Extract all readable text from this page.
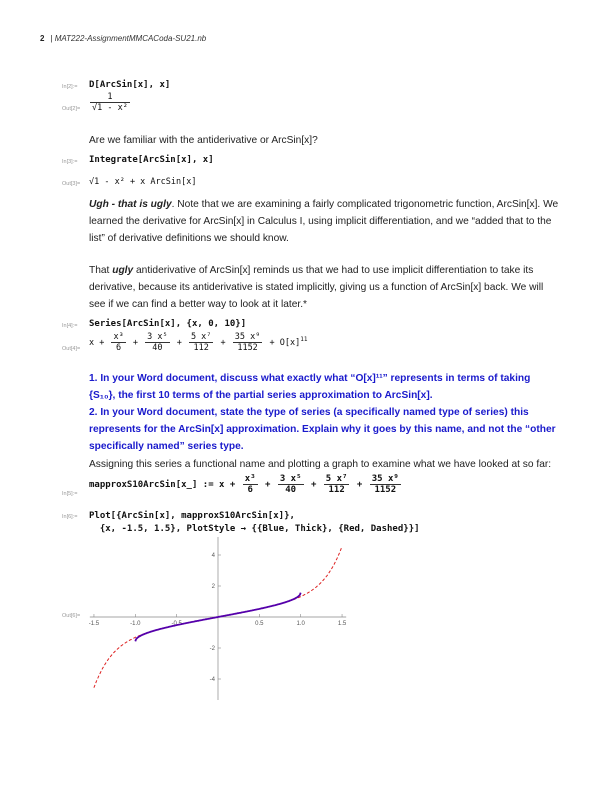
2 | MAT222-AssignmentMMCACoda-SU21.nb
In[2]:= D[ArcSin[x], x]
$Out[2]= \frac{1}{\text{√1 - x²}}$
Are we familiar with the antiderivative or ArcSin[x]?
In[3]:= Integrate[ArcSin[x], x]
Out[3]= √1 - x² + x ArcSin[x]
Ugh - that is ugly. Note that we are examining a fairly complicated trigonometric function, ArcSin[x]. We learned the derivative for ArcSin[x] in Calculus I, using implicit differentiation, and we “added that to the list” of derivative definitions we should know.
That ugly antiderivative of ArcSin[x] reminds us that we had to use implicit differentiation to take its derivative, because its antiderivative is stated implicitly, giving us a function of ArcSin[x] back. We will see if we can find a better way to look at it later.*
In[4]:= Series[ArcSin[x], {x, 0, 10}]
Out[4]=
$x + \frac{\text{x³}}{6} + \frac{\text{3 x⁵}}{40} + \frac{\text{5 x⁷}}{112} + \frac{\text{35 x⁹}}{1152} + O[x]^{11}$
1. In your Word document, discuss what exactly what “O[x]¹¹” represents in terms of taking {S₁₀}, the first 10 terms of the partial series approximation to ArcSin[x].
2. In your Word document, state the type of series (a specifically named type of series) this represents for the ArcSin[x] approximation. Explain why it goes by this name, and not the “other specifically named” series type.
Assigning this series a functional name and plotting a graph to examine what we have looked at so far:
In[5]:=
mapproxS10ArcSin[x_] := $x + \frac{\text{x³}}{6} + \frac{\text{3 x⁵}}{40} + \frac{\text{5 x⁷}}{112} + \frac{\text{35 x⁹}}{1152}$
In[6]:= Plot[{ArcSin[x], mapproxS10ArcSin[x]},
{x, -1.5, 1.5}, PlotStyle → {{Blue, Thick}, {Red, Dashed}}]
Out[6]=
-1.5	-1.0	-0.5	0.5	1.0	1.5
4
2
-2
-4
